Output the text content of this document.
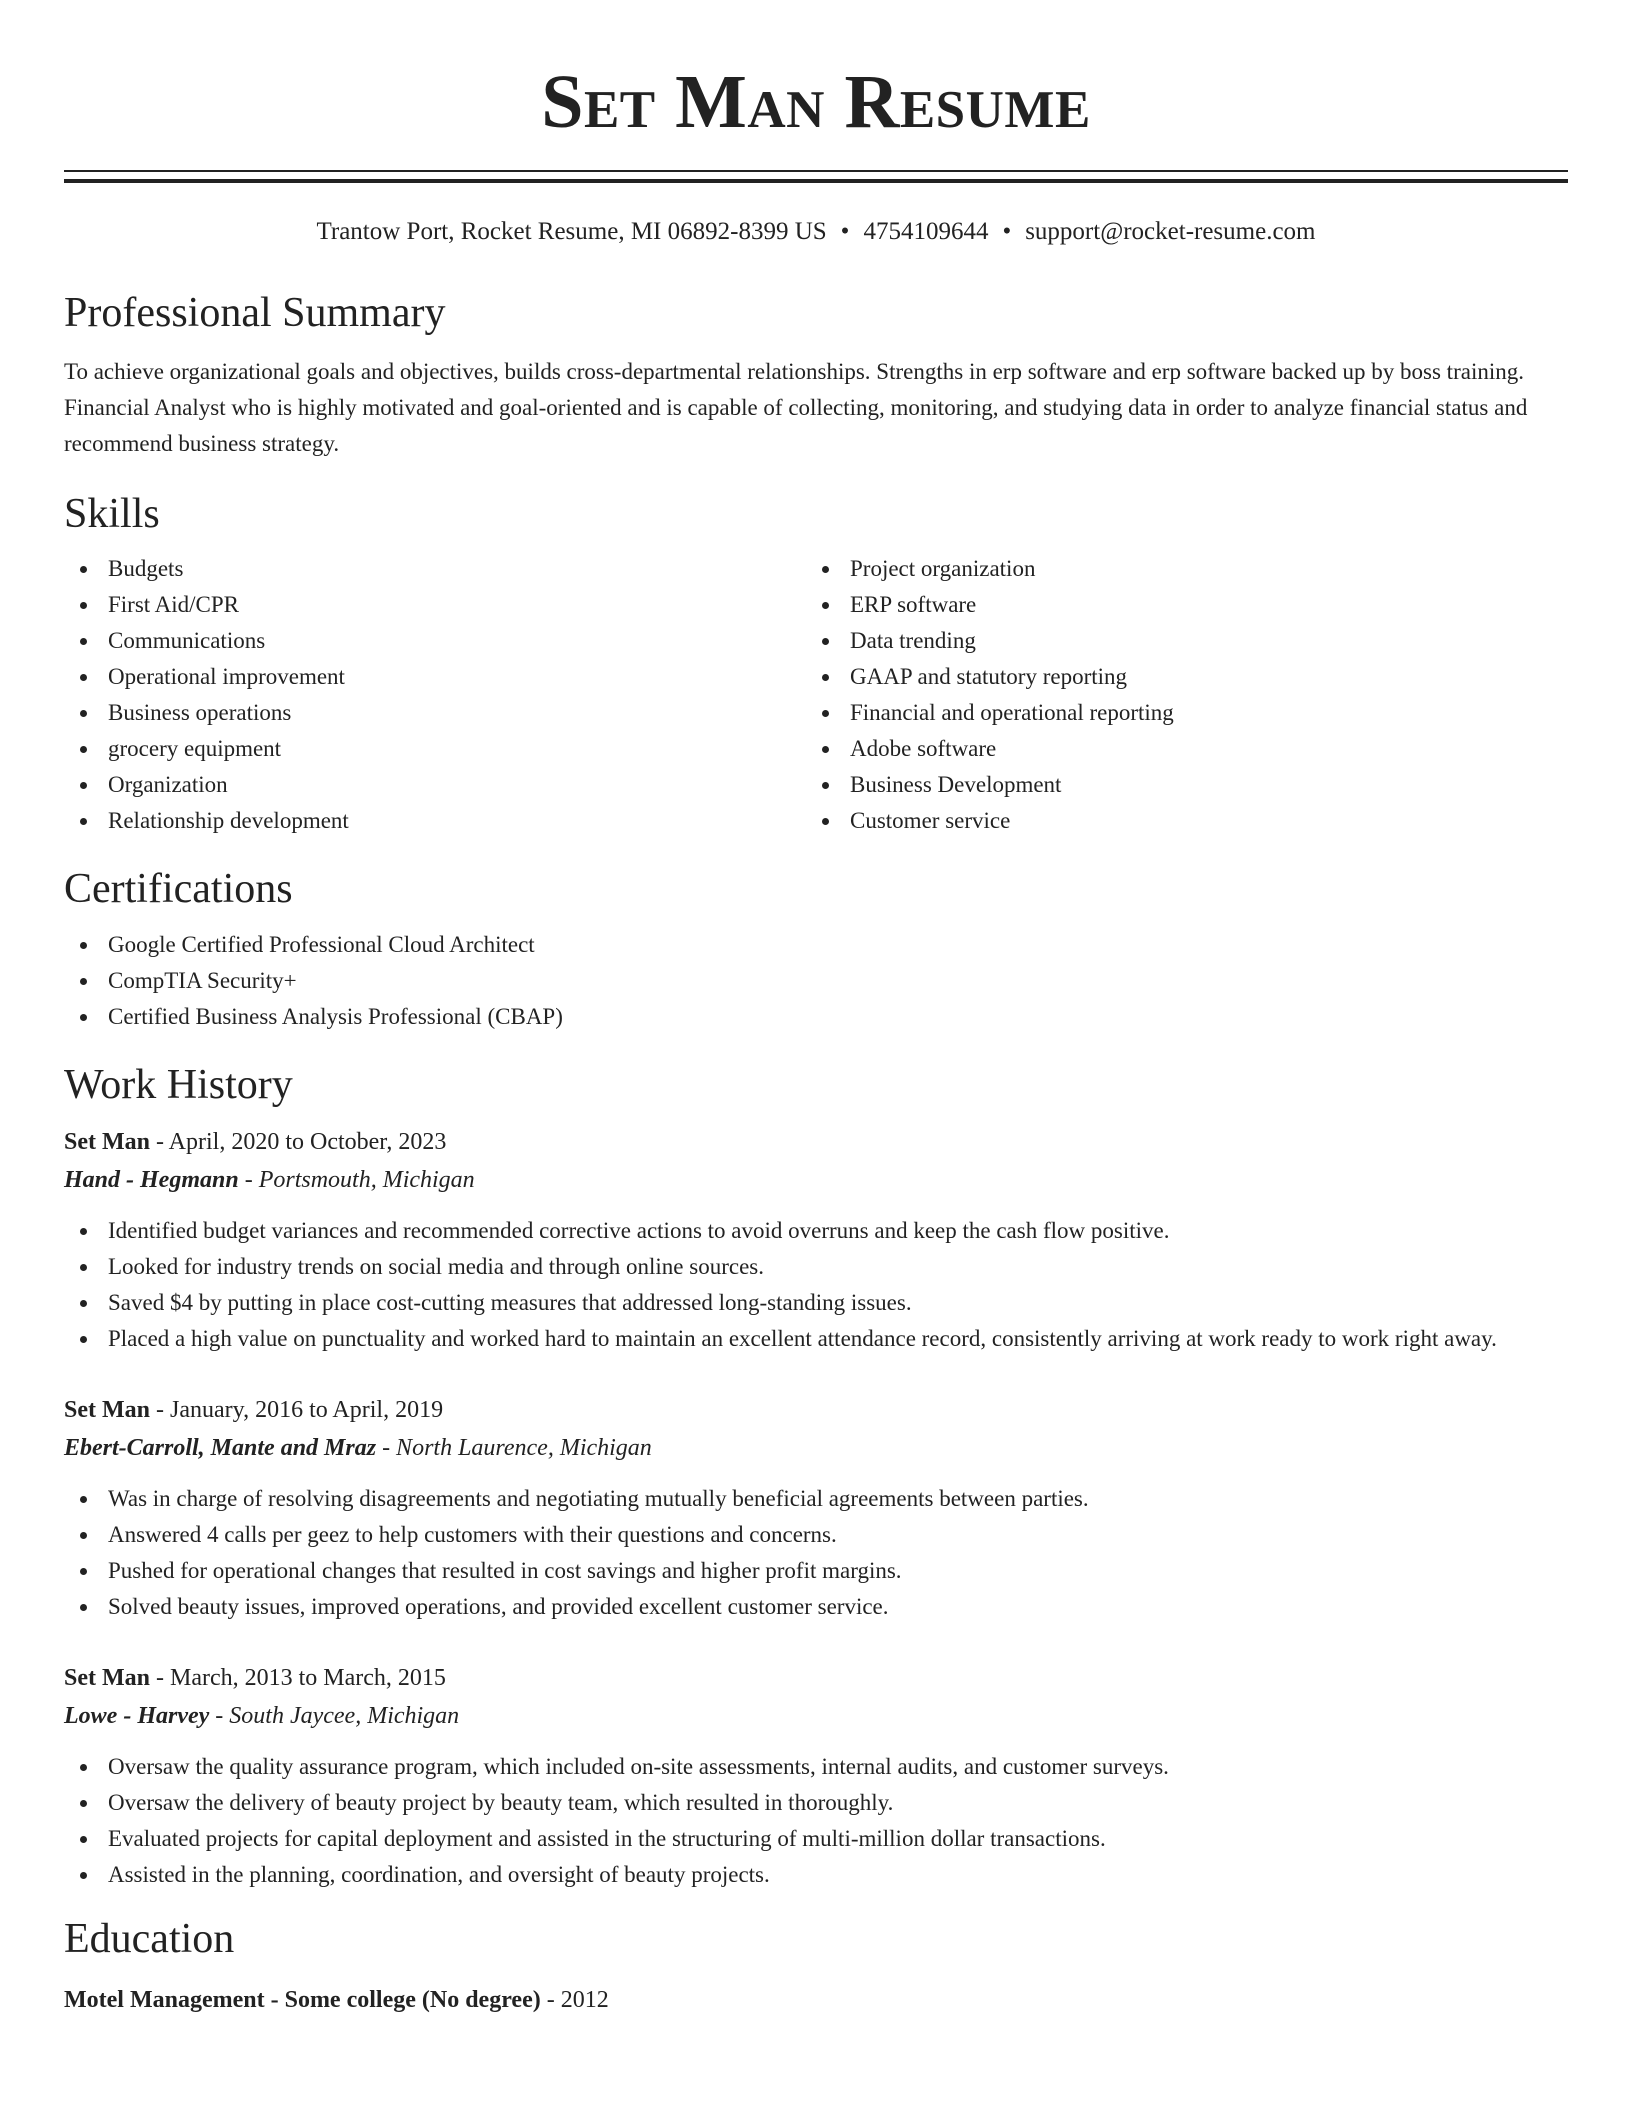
Set Man Resume
Trantow Port, Rocket Resume, MI 06892-8399 US • 4754109644 • support@rocket-resume.com
Professional Summary

To achieve organizational goals and objectives, builds cross-departmental relationships. Strengths in erp software and erp software backed up by boss training. Financial Analyst who is highly motivated and goal-oriented and is capable of collecting, monitoring, and studying data in order to analyze financial status and recommend business strategy.

Skills
Budgets
First Aid/CPR
Communications
Operational improvement
Business operations
grocery equipment
Organization
Relationship development
Project organization
ERP software
Data trending
GAAP and statutory reporting
Financial and operational reporting
Adobe software
Business Development
Customer service
Certifications
Google Certified Professional Cloud Architect
CompTIA Security+
Certified Business Analysis Professional (CBAP)
Work History
Set Man - April, 2020 to October, 2023
Hand - Hegmann - Portsmouth, Michigan
Identified budget variances and recommended corrective actions to avoid overruns and keep the cash flow positive.
Looked for industry trends on social media and through online sources.
Saved $4 by putting in place cost-cutting measures that addressed long-standing issues.
Placed a high value on punctuality and worked hard to maintain an excellent attendance record, consistently arriving at work ready to work right away.
Set Man - January, 2016 to April, 2019
Ebert-Carroll, Mante and Mraz - North Laurence, Michigan
Was in charge of resolving disagreements and negotiating mutually beneficial agreements between parties.
Answered 4 calls per geez to help customers with their questions and concerns.
Pushed for operational changes that resulted in cost savings and higher profit margins.
Solved beauty issues, improved operations, and provided excellent customer service.
Set Man - March, 2013 to March, 2015
Lowe - Harvey - South Jaycee, Michigan
Oversaw the quality assurance program, which included on-site assessments, internal audits, and customer surveys.
Oversaw the delivery of beauty project by beauty team, which resulted in thoroughly.
Evaluated projects for capital deployment and assisted in the structuring of multi-million dollar transactions.
Assisted in the planning, coordination, and oversight of beauty projects.
Education
Motel Management - Some college (No degree) - 2012
